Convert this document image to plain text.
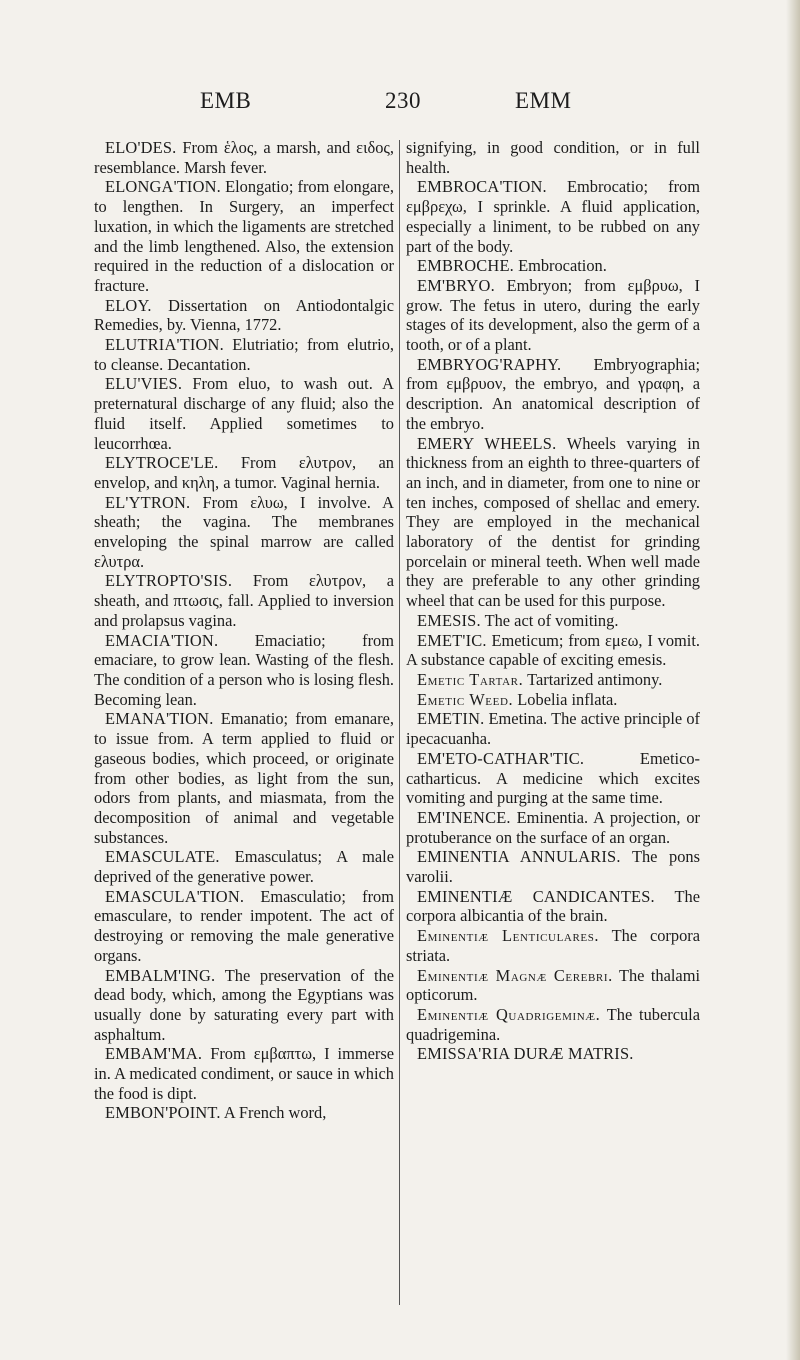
EMB	230	EMM

ELO'DES. From ἑλος, a marsh, and ειδος, resemblance. Marsh fever.

ELONGA'TION. Elongatio; from elongare, to lengthen. In Surgery, an imperfect luxation, in which the ligaments are stretched and the limb lengthened. Also, the extension required in the reduction of a dislocation or fracture.

ELOY. Dissertation on Antiodontalgic Remedies, by. Vienna, 1772.

ELUTRIA'TION. Elutriatio; from elutrio, to cleanse. Decantation.

ELU'VIES. From eluo, to wash out. A preternatural discharge of any fluid; also the fluid itself. Applied sometimes to leucorrhœa.

ELYTROCE'LE. From ελυτρον, an envelop, and κηλη, a tumor. Vaginal hernia.

EL'YTRON. From ελυω, I involve. A sheath; the vagina. The membranes enveloping the spinal marrow are called ελυτρα.

ELYTROPTO'SIS. From ελυτρον, a sheath, and πτωσις, fall. Applied to inversion and prolapsus vagina.

EMACIA'TION. Emaciatio; from emaciare, to grow lean. Wasting of the flesh. The condition of a person who is losing flesh. Becoming lean.

EMANA'TION. Emanatio; from emanare, to issue from. A term applied to fluid or gaseous bodies, which proceed, or originate from other bodies, as light from the sun, odors from plants, and miasmata, from the decomposition of animal and vegetable substances.

EMASCULATE. Emasculatus; A male deprived of the generative power.

EMASCULA'TION. Emasculatio; from emasculare, to render impotent. The act of destroying or removing the male generative organs.

EMBALM'ING. The preservation of the dead body, which, among the Egyptians was usually done by saturating every part with asphaltum.

EMBAM'MA. From εμβαπτω, I immerse in. A medicated condiment, or sauce in which the food is dipt.

EMBON'POINT. A French word,

signifying, in good condition, or in full health.

EMBROCA'TION. Embrocatio; from εμβρεχω, I sprinkle. A fluid application, especially a liniment, to be rubbed on any part of the body.

EMBROCHE. Embrocation.

EM'BRYO. Embryon; from εμβρυω, I grow. The fetus in utero, during the early stages of its development, also the germ of a tooth, or of a plant.

EMBRYOG'RAPHY. Embryographia; from εμβρυον, the embryo, and γραφη, a description. An anatomical description of the embryo.

EMERY WHEELS. Wheels varying in thickness from an eighth to three-quarters of an inch, and in diameter, from one to nine or ten inches, composed of shellac and emery. They are employed in the mechanical laboratory of the dentist for grinding porcelain or mineral teeth. When well made they are preferable to any other grinding wheel that can be used for this purpose.

EMESIS. The act of vomiting.

EMET'IC. Emeticum; from εμεω, I vomit. A substance capable of exciting emesis.

Emetic Tartar. Tartarized antimony.

Emetic Weed. Lobelia inflata.

EMETIN. Emetina. The active principle of ipecacuanha.

EM'ETO-CATHAR'TIC. Emetico-catharticus. A medicine which excites vomiting and purging at the same time.

EM'INENCE. Eminentia. A projection, or protuberance on the surface of an organ.

EMINENTIA ANNULARIS. The pons varolii.

EMINENTIÆ CANDICANTES. The corpora albicantia of the brain.

Eminentiæ Lenticulares. The corpora striata.

Eminentiæ Magnæ Cerebri. The thalami opticorum.

Eminentiæ Quadrigeminæ. The tubercula quadrigemina.

EMISSA'RIA DURÆ MATRIS.
